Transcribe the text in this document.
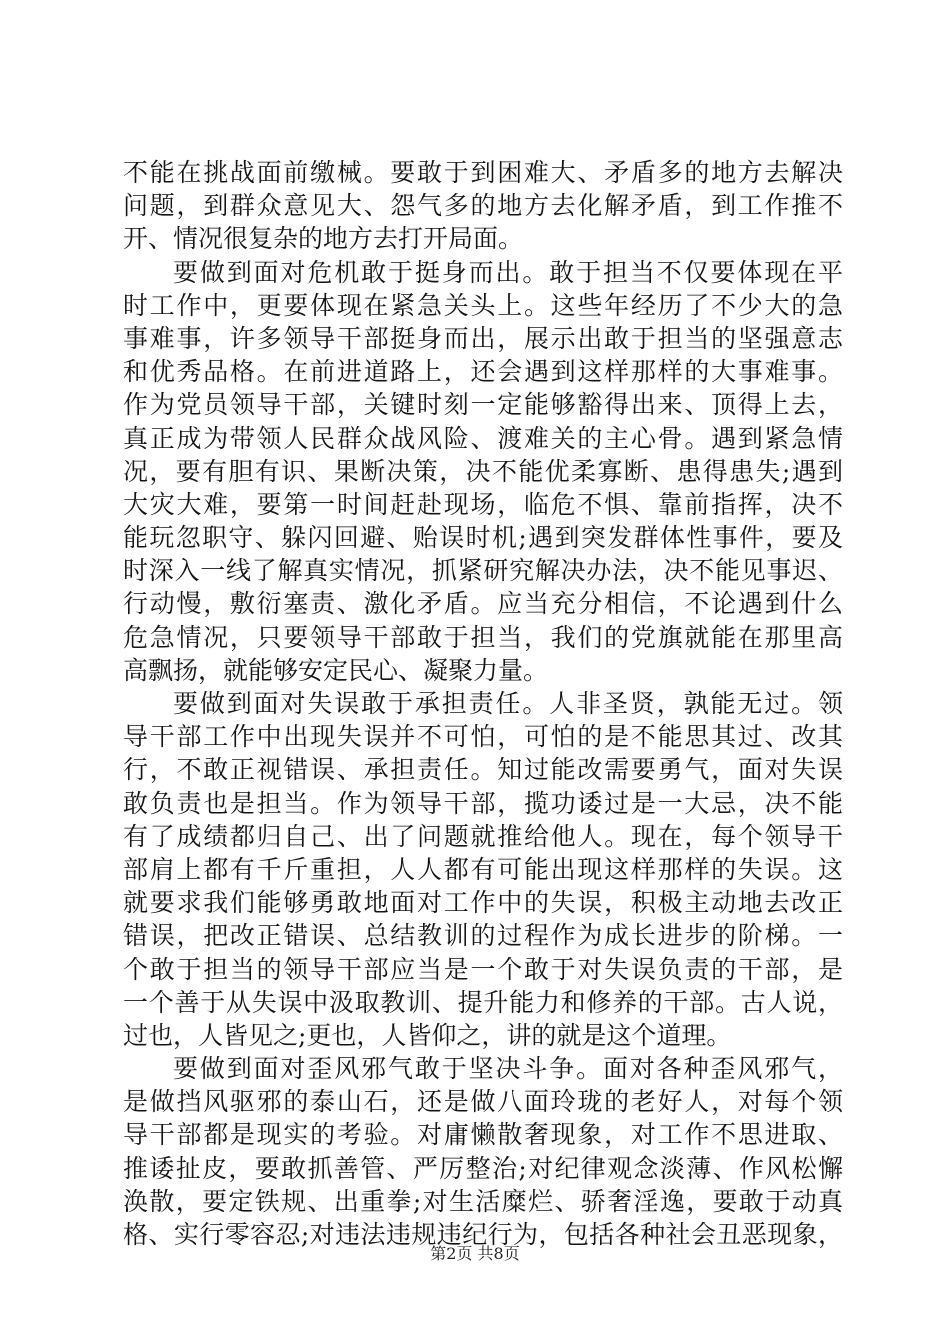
不能在挑战面前缴械。要敢于到困难大、矛盾多的地方去解决
问题，到群众意见大、怨气多的地方去化解矛盾，到工作推不
开、情况很复杂的地方去打开局面。
要做到面对危机敢于挺身而出。敢于担当不仅要体现在平
时工作中，更要体现在紧急关头上。这些年经历了不少大的急
事难事，许多领导干部挺身而出，展示出敢于担当的坚强意志
和优秀品格。在前进道路上，还会遇到这样那样的大事难事。
作为党员领导干部，关键时刻一定能够豁得出来、顶得上去，
真正成为带领人民群众战风险、渡难关的主心骨。遇到紧急情
况，要有胆有识、果断决策，决不能优柔寡断、患得患失;遇到
大灾大难，要第一时间赶赴现场，临危不惧、靠前指挥，决不
能玩忽职守、躲闪回避、贻误时机;遇到突发群体性事件，要及
时深入一线了解真实情况，抓紧研究解决办法，决不能见事迟、
行动慢，敷衍塞责、激化矛盾。应当充分相信，不论遇到什么
危急情况，只要领导干部敢于担当，我们的党旗就能在那里高
高飘扬，就能够安定民心、凝聚力量。
要做到面对失误敢于承担责任。人非圣贤，孰能无过。领
导干部工作中出现失误并不可怕，可怕的是不能思其过、改其
行，不敢正视错误、承担责任。知过能改需要勇气，面对失误
敢负责也是担当。作为领导干部，揽功诿过是一大忌，决不能
有了成绩都归自己、出了问题就推给他人。现在，每个领导干
部肩上都有千斤重担，人人都有可能出现这样那样的失误。这
就要求我们能够勇敢地面对工作中的失误，积极主动地去改正
错误，把改正错误、总结教训的过程作为成长进步的阶梯。一
个敢于担当的领导干部应当是一个敢于对失误负责的干部，是
一个善于从失误中汲取教训、提升能力和修养的干部。古人说，
过也，人皆见之;更也，人皆仰之，讲的就是这个道理。
要做到面对歪风邪气敢于坚决斗争。面对各种歪风邪气，
是做挡风驱邪的泰山石，还是做八面玲珑的老好人，对每个领
导干部都是现实的考验。对庸懒散奢现象，对工作不思进取、
推诿扯皮，要敢抓善管、严厉整治;对纪律观念淡薄、作风松懈
涣散，要定铁规、出重拳;对生活糜烂、骄奢淫逸，要敢于动真
格、实行零容忍;对违法违规违纪行为，包括各种社会丑恶现象，
第2页 共8页
